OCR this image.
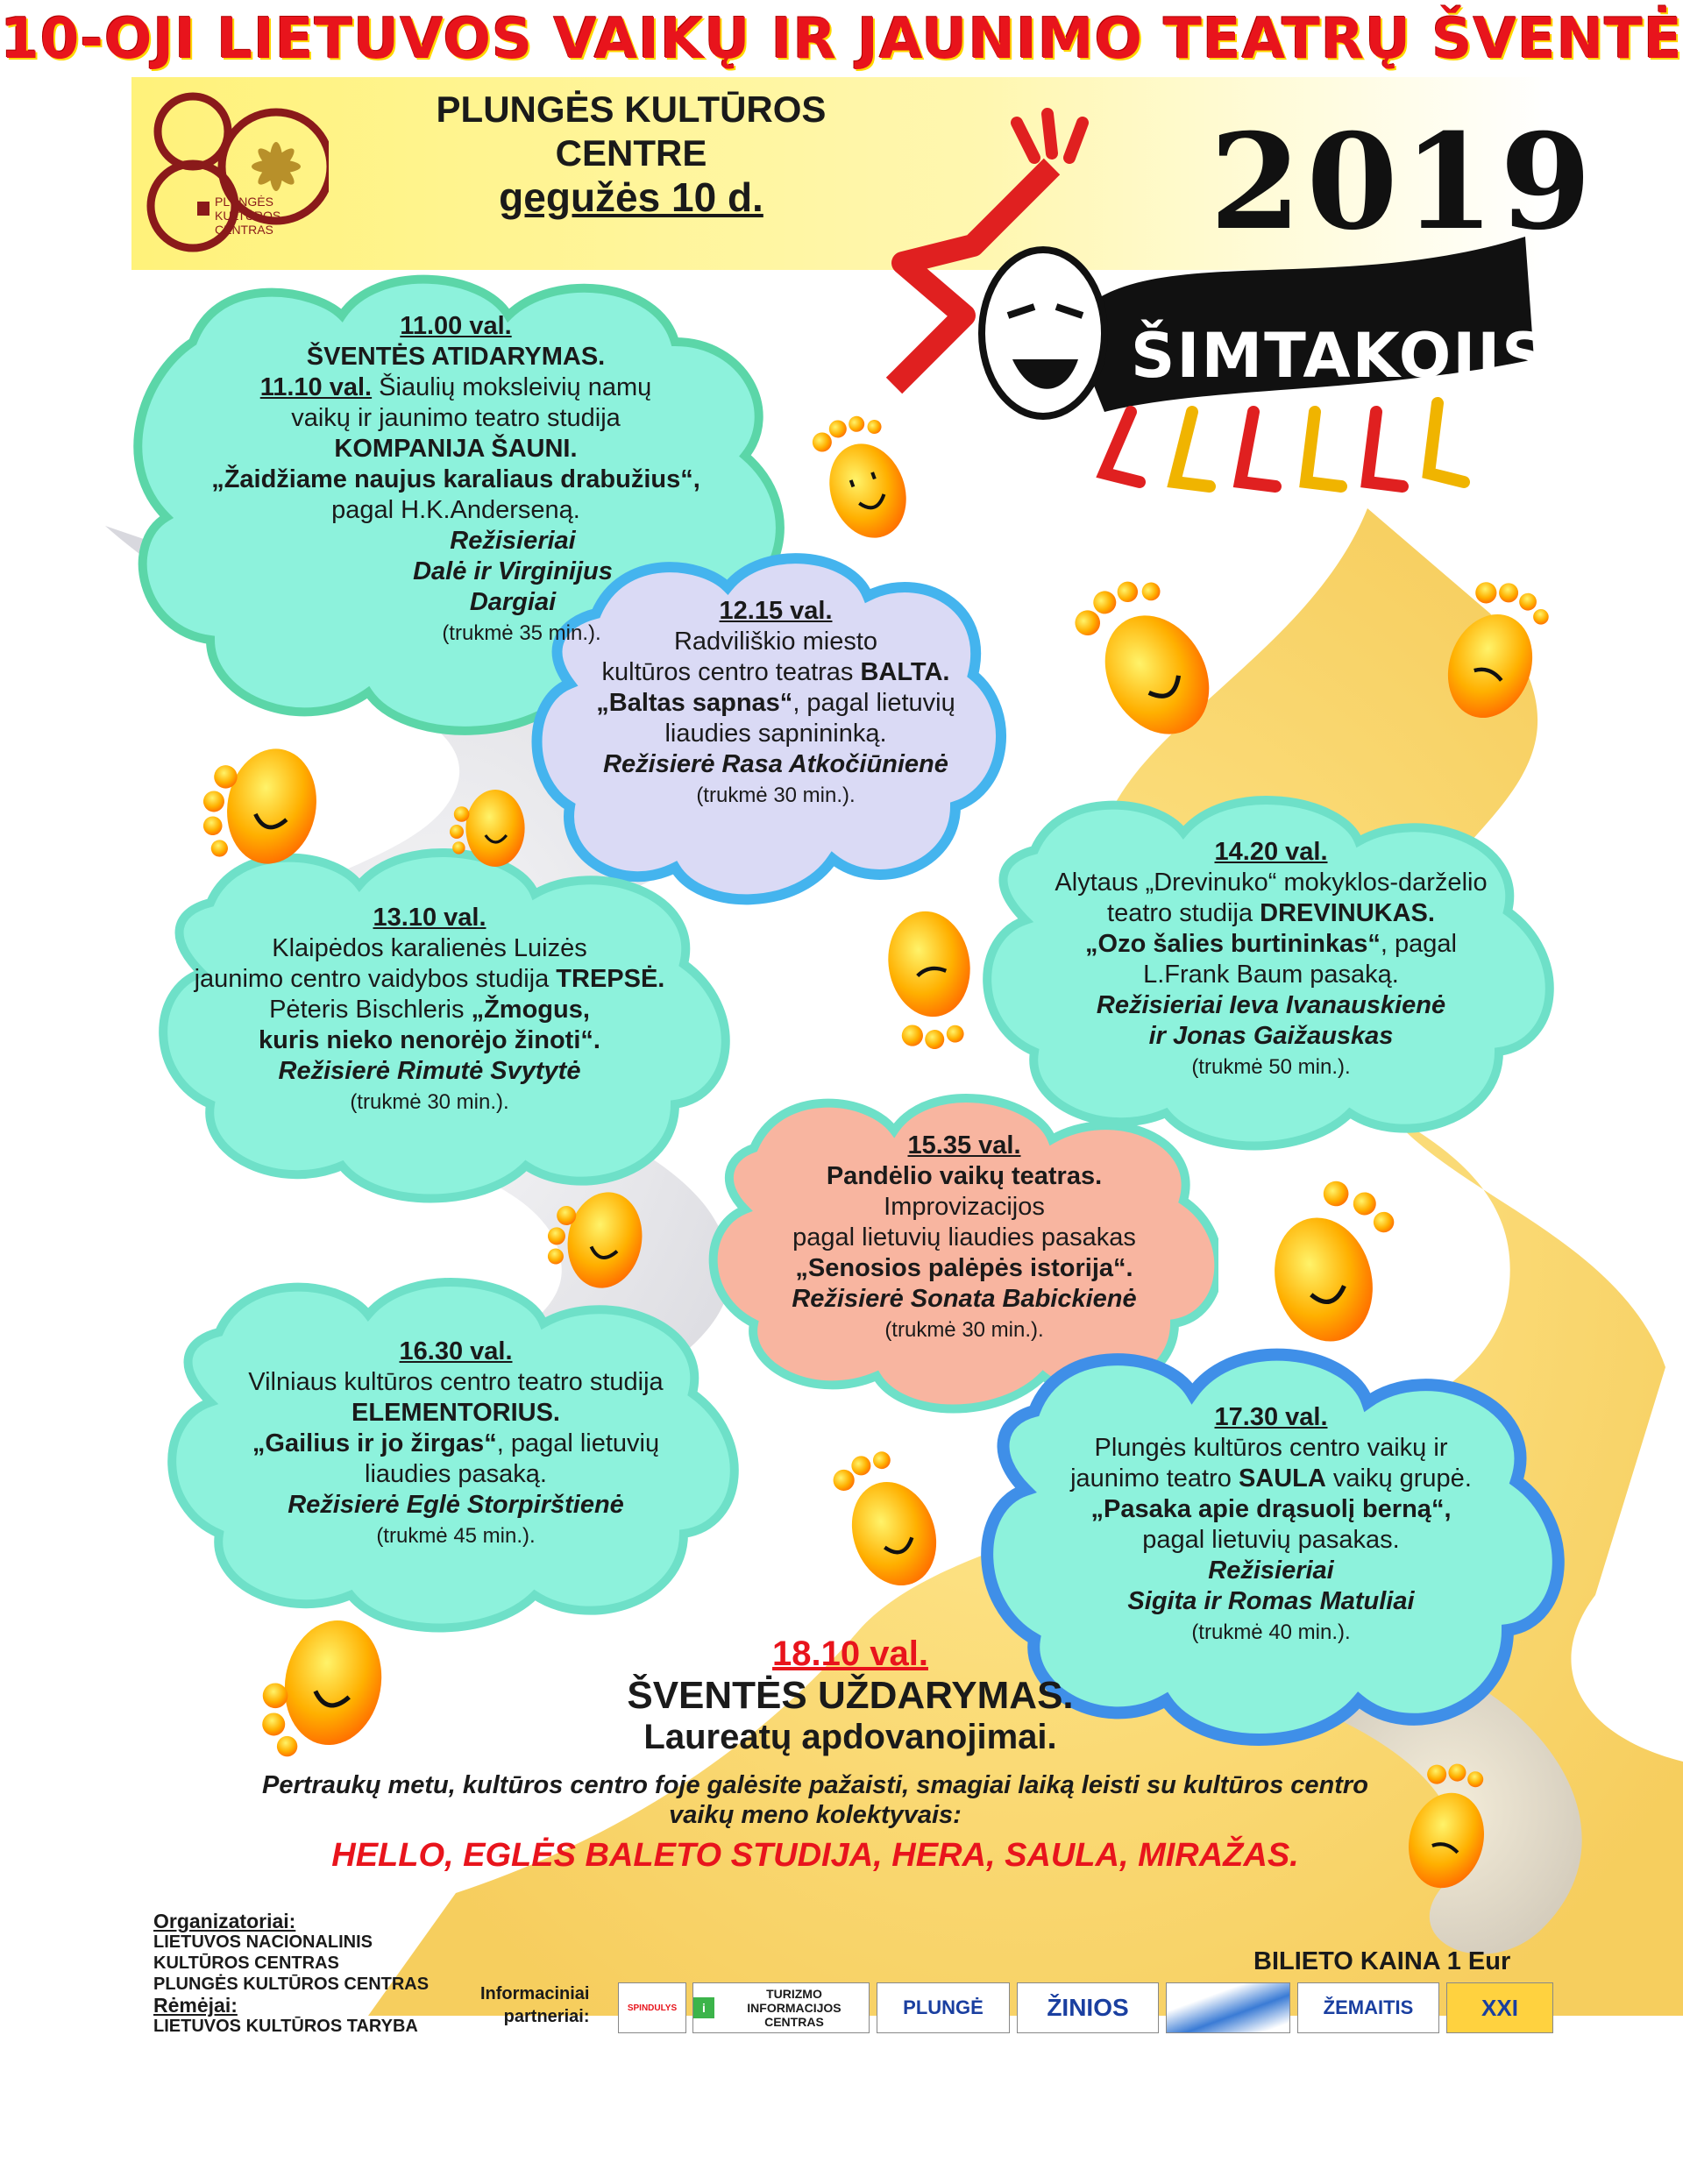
10-OJI LIETUVOS VAIKŲ IR JAUNIMO TEATRŲ ŠVENTĖ
PLUNGĖS
KULTŪROS
CENTRAS
PLUNGĖS KULTŪROS
CENTRE
gegužės 10 d.	2019
ŠIMTAKOJIS
11.00 val.
ŠVENTĖS ATIDARYMAS.
11.10 val. Šiaulių moksleivių namų
vaikų ir jaunimo teatro studija
KOMPANIJA ŠAUNI.
„Žaidžiame naujus karaliaus drabužius“,
pagal H.K.Anderseną.
Režisieriai
Dalė ir Virginijus
Dargiai
(trukmė 35 min.).
12.15 val.
Radviliškio miesto
kultūros centro teatras BALTA.
„Baltas sapnas“, pagal lietuvių
liaudies sapnininką.
Režisierė Rasa Atkočiūnienė
(trukmė 30 min.).
14.20 val.
Alytaus „Drevinuko“ mokyklos-darželio
teatro studija DREVINUKAS.
„Ozo šalies burtininkas“, pagal
L.Frank Baum pasaką.
Režisieriai Ieva Ivanauskienė
ir Jonas Gaižauskas
(trukmė 50 min.).
13.10 val.
Klaipėdos karalienės Luizės
jaunimo centro vaidybos studija TREPSĖ.
Pėteris Bischleris „Žmogus,
kuris nieko nenorėjo žinoti“.
Režisierė Rimutė Svytytė
(trukmė 30 min.).
15.35 val.
Pandėlio vaikų teatras.
Improvizacijos
pagal lietuvių liaudies pasakas
„Senosios palėpės istorija“.
Režisierė Sonata Babickienė
(trukmė 30 min.).
16.30 val.
Vilniaus kultūros centro teatro studija
ELEMENTORIUS.
„Gailius ir jo žirgas“, pagal lietuvių
liaudies pasaką.
Režisierė Eglė Storpirštienė
(trukmė 45 min.).
17.30 val.
Plungės kultūros centro vaikų ir
jaunimo teatro SAULA vaikų grupė.
„Pasaka apie drąsuolį berną“,
pagal lietuvių pasakas.
Režisieriai
Sigita ir Romas Matuliai
(trukmė 40 min.).
18.10 val.
ŠVENTĖS UŽDARYMAS.
Laureatų apdovanojimai.
Pertraukų metu, kultūros centro foje galėsite pažaisti, smagiai laiką leisti su kultūros centro
vaikų meno kolektyvais:
HELLO, EGLĖS BALETO STUDIJA, HERA, SAULA, MIRAŽAS.
Organizatoriai:
LIETUVOS NACIONALINIS
KULTŪROS CENTRAS
PLUNGĖS KULTŪROS CENTRAS
Rėmėjai:
LIETUVOS KULTŪROS TARYBA
Informaciniai
partneriai:
BILIETO KAINA 1 Eur
SPINDULYS	i
TURIZMO INFORMACIJOS CENTRAS
PLUNGĖ	ŽINIOS	ŽEMAITIS	XXI
